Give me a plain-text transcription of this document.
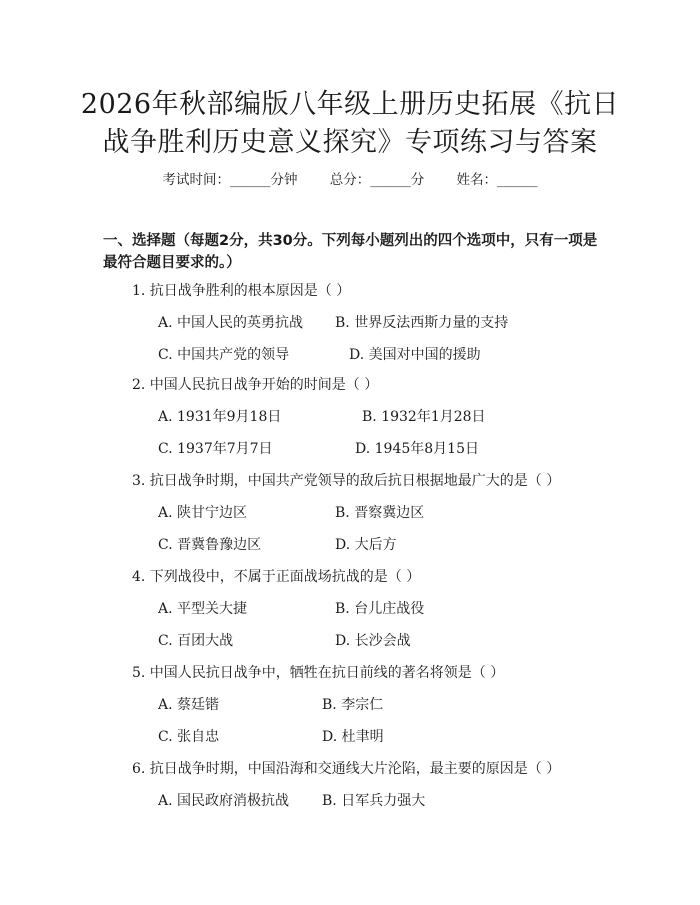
2026年秋部编版八年级上册历史拓展《抗日
战争胜利历史意义探究》专项练习与答案
考试时间：______分钟 总分：______分 姓名：______
一、选择题（每题2分，共30分。下列每小题列出的四个选项中，只有一项是最符合题目要求的。）
1. 抗日战争胜利的根本原因是（ ）
A. 中国人民的英勇抗战 B. 世界反法西斯力量的支持
C. 中国共产党的领导	D. 美国对中国的援助
2. 中国人民抗日战争开始的时间是（ ）
A. 1931年9月18日	B. 1932年1月28日
C. 1937年7月7日	D. 1945年8月15日
3. 抗日战争时期，中国共产党领导的敌后抗日根据地最广大的是（ ）
A. 陕甘宁边区	B. 晋察冀边区
C. 晋冀鲁豫边区	D. 大后方
4. 下列战役中，不属于正面战场抗战的是（ ）
A. 平型关大捷	B. 台儿庄战役
C. 百团大战	D. 长沙会战
5. 中国人民抗日战争中，牺牲在抗日前线的著名将领是（ ）
A. 蔡廷锴	B. 李宗仁
C. 张自忠	D. 杜聿明
6. 抗日战争时期，中国沿海和交通线大片沦陷，最主要的原因是（ ）
A. 国民政府消极抗战 B. 日军兵力强大
